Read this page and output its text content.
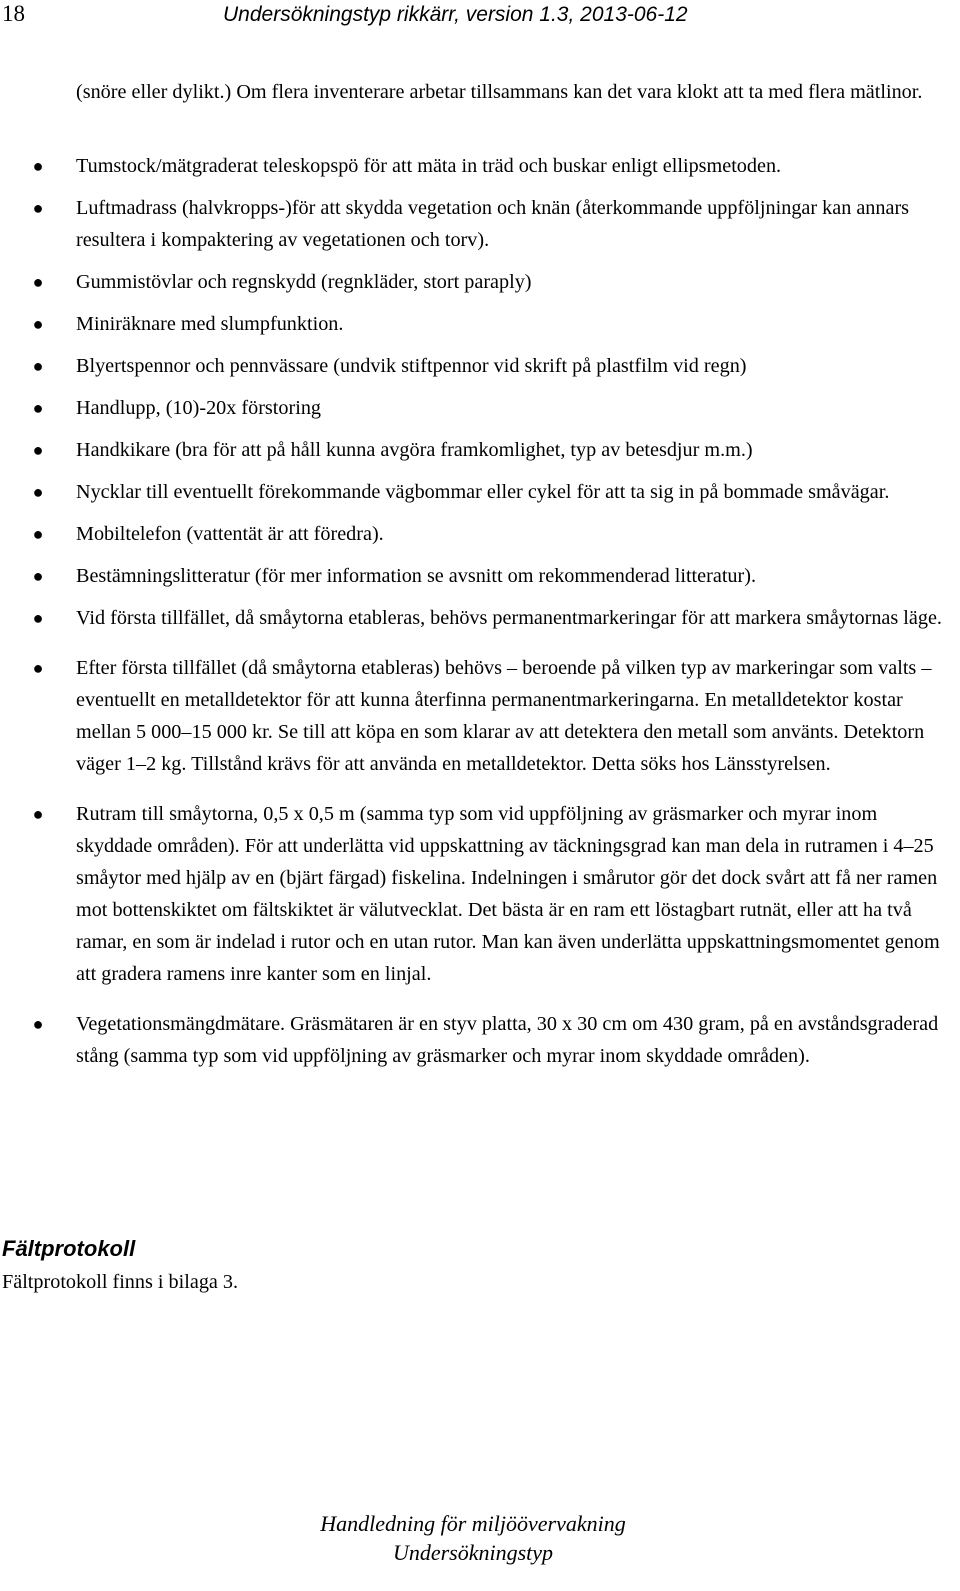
18	Undersökningstyp rikkärr, version 1.3, 2013-06-12
(snöre eller dylikt.) Om flera inventerare arbetar tillsammans kan det vara klokt att ta med flera mätlinor.
● Tumstock/mätgraderat teleskopspö för att mäta in träd och buskar enligt ellipsmetoden.
● Luftmadrass (halvkropps-)för att skydda vegetation och knän (återkommande uppföljningar kan annars resultera i kompaktering av vegetationen och torv).
● Gummistövlar och regnskydd (regnkläder, stort paraply)
● Miniräknare med slumpfunktion.
● Blyertspennor och pennvässare (undvik stiftpennor vid skrift på plastfilm vid regn)
● Handlupp, (10)-20x förstoring
● Handkikare (bra för att på håll kunna avgöra framkomlighet, typ av betesdjur m.m.)
● Nycklar till eventuellt förekommande vägbommar eller cykel för att ta sig in på bommade småvägar.
● Mobiltelefon (vattentät är att föredra).
● Bestämningslitteratur (för mer information se avsnitt om rekommenderad litteratur).
● Vid första tillfället, då småytorna etableras, behövs permanentmarkeringar för att markera småytornas läge.
● Efter första tillfället (då småytorna etableras) behövs – beroende på vilken typ av markeringar som valts – eventuellt en metalldetektor för att kunna återfinna permanentmarkeringarna. En metalldetektor kostar mellan 5 000–15 000 kr. Se till att köpa en som klarar av att detektera den metall som använts. Detektorn väger 1–2 kg. Tillstånd krävs för att använda en metalldetektor. Detta söks hos Länsstyrelsen.
● Rutram till småytorna, 0,5 x 0,5 m (samma typ som vid uppföljning av gräsmarker och myrar inom skyddade områden). För att underlätta vid uppskattning av täckningsgrad kan man dela in rutramen i 4–25 småytor med hjälp av en (bjärt färgad) fiskelina. Indelningen i smårutor gör det dock svårt att få ner ramen mot bottenskiktet om fältskiktet är välutvecklat. Det bästa är en ram ett löstagbart rutnät, eller att ha två ramar, en som är indelad i rutor och en utan rutor. Man kan även underlätta uppskattningsmomentet genom att gradera ramens inre kanter som en linjal.
● Vegetationsmängdmätare. Gräsmätaren är en styv platta, 30 x 30 cm om 430 gram, på en avståndsgraderad stång (samma typ som vid uppföljning av gräsmarker och myrar inom skyddade områden).
Fältprotokoll
Fältprotokoll finns i bilaga 3.
Handledning för miljöövervakning
Undersökningstyp
